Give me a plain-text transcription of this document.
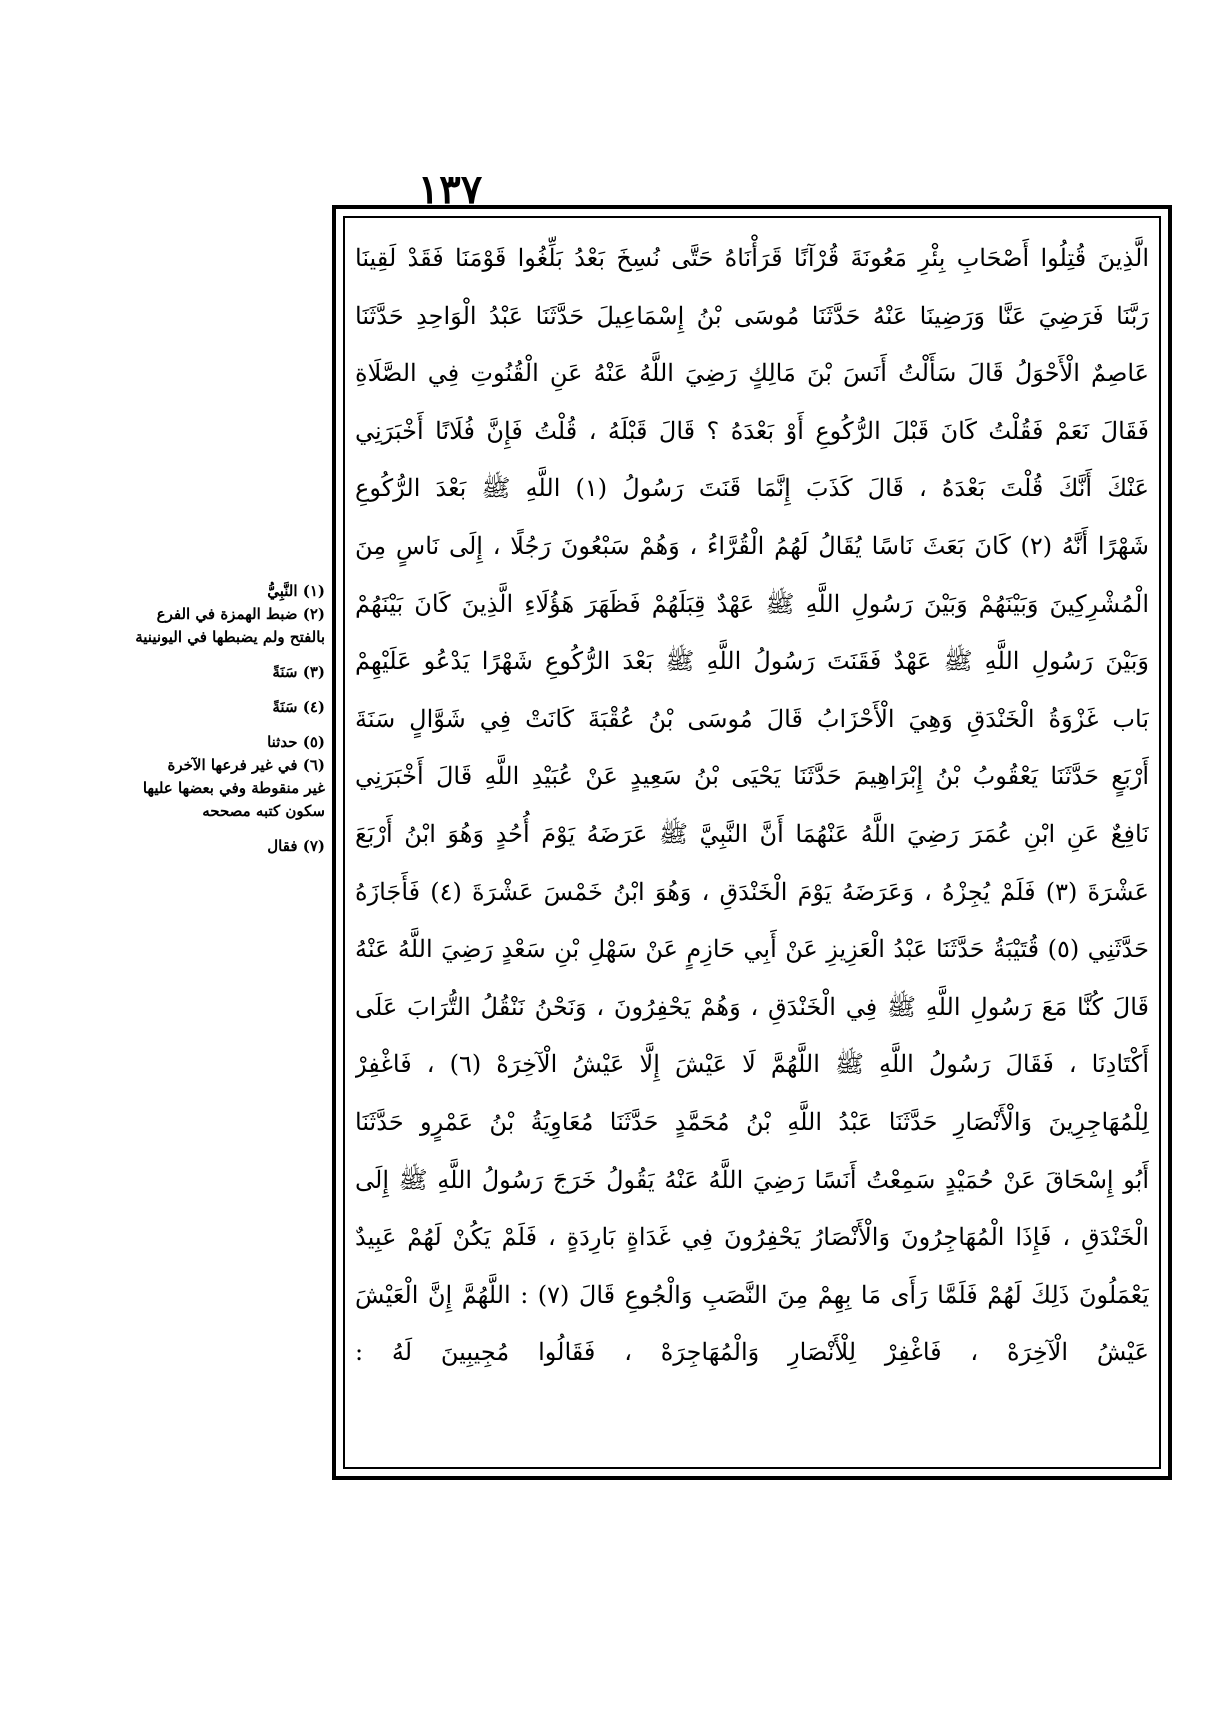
١٣٧
الَّذِينَ قُتِلُوا أَصْحَابِ بِئْرِ مَعُونَةَ قُرْآنًا قَرَأْنَاهُ حَتَّى نُسِخَ بَعْدُ بَلِّغُوا قَوْمَنَا فَقَدْ لَقِينَا
رَبَّنَا فَرَضِيَ عَنَّا وَرَضِينَا عَنْهُ حَدَّثَنَا مُوسَى بْنُ إِسْمَاعِيلَ حَدَّثَنَا عَبْدُ الْوَاحِدِ حَدَّثَنَا
عَاصِمٌ الْأَحْوَلُ قَالَ سَأَلْتُ أَنَسَ بْنَ مَالِكٍ رَضِيَ اللَّهُ عَنْهُ عَنِ الْقُنُوتِ فِي الصَّلَاةِ
فَقَالَ نَعَمْ فَقُلْتُ كَانَ قَبْلَ الرُّكُوعِ أَوْ بَعْدَهُ ؟ قَالَ قَبْلَهُ ، قُلْتُ فَإِنَّ فُلَانًا أَخْبَرَنِي
عَنْكَ أَنَّكَ قُلْتَ بَعْدَهُ ، قَالَ كَذَبَ إِنَّمَا قَنَتَ رَسُولُ (١) اللَّهِ ﷺ بَعْدَ الرُّكُوعِ
شَهْرًا أَنَّهُ (٢) كَانَ بَعَثَ نَاسًا يُقَالُ لَهُمُ الْقُرَّاءُ ، وَهُمْ سَبْعُونَ رَجُلًا ، إِلَى نَاسٍ مِنَ
الْمُشْرِكِينَ وَبَيْنَهُمْ وَبَيْنَ رَسُولِ اللَّهِ ﷺ عَهْدٌ قِبَلَهُمْ فَظَهَرَ هَؤُلَاءِ الَّذِينَ كَانَ بَيْنَهُمْ
وَبَيْنَ رَسُولِ اللَّهِ ﷺ عَهْدٌ فَقَنَتَ رَسُولُ اللَّهِ ﷺ بَعْدَ الرُّكُوعِ شَهْرًا يَدْعُو عَلَيْهِمْ
بَاب غَزْوَةُ الْخَنْدَقِ وَهِيَ الْأَحْزَابُ قَالَ مُوسَى بْنُ عُقْبَةَ كَانَتْ فِي شَوَّالٍ سَنَةَ
أَرْبَعٍ حَدَّثَنَا يَعْقُوبُ بْنُ إِبْرَاهِيمَ حَدَّثَنَا يَحْيَى بْنُ سَعِيدٍ عَنْ عُبَيْدِ اللَّهِ قَالَ أَخْبَرَنِي
نَافِعٌ عَنِ ابْنِ عُمَرَ رَضِيَ اللَّهُ عَنْهُمَا أَنَّ النَّبِيَّ ﷺ عَرَضَهُ يَوْمَ أُحُدٍ وَهُوَ ابْنُ أَرْبَعَ
عَشْرَةَ (٣) فَلَمْ يُجِزْهُ ، وَعَرَضَهُ يَوْمَ الْخَنْدَقِ ، وَهُوَ ابْنُ خَمْسَ عَشْرَةَ (٤) فَأَجَازَهُ
حَدَّثَنِي (٥) قُتَيْبَةُ حَدَّثَنَا عَبْدُ الْعَزِيزِ عَنْ أَبِي حَازِمٍ عَنْ سَهْلِ بْنِ سَعْدٍ رَضِيَ اللَّهُ عَنْهُ
قَالَ كُنَّا مَعَ رَسُولِ اللَّهِ ﷺ فِي الْخَنْدَقِ ، وَهُمْ يَحْفِرُونَ ، وَنَحْنُ نَنْقُلُ التُّرَابَ عَلَى
أَكْتَادِنَا ، فَقَالَ رَسُولُ اللَّهِ ﷺ اللَّهُمَّ لَا عَيْشَ إِلَّا عَيْشُ الْآخِرَهْ (٦) ، فَاغْفِرْ
لِلْمُهَاجِرِينَ وَالْأَنْصَارِ حَدَّثَنَا عَبْدُ اللَّهِ بْنُ مُحَمَّدٍ حَدَّثَنَا مُعَاوِيَةُ بْنُ عَمْرٍو حَدَّثَنَا
أَبُو إِسْحَاقَ عَنْ حُمَيْدٍ سَمِعْتُ أَنَسًا رَضِيَ اللَّهُ عَنْهُ يَقُولُ خَرَجَ رَسُولُ اللَّهِ ﷺ إِلَى
الْخَنْدَقِ ، فَإِذَا الْمُهَاجِرُونَ وَالْأَنْصَارُ يَحْفِرُونَ فِي غَدَاةٍ بَارِدَةٍ ، فَلَمْ يَكُنْ لَهُمْ عَبِيدٌ
يَعْمَلُونَ ذَلِكَ لَهُمْ فَلَمَّا رَأَى مَا بِهِمْ مِنَ النَّصَبِ وَالْجُوعِ قَالَ (٧) : اللَّهُمَّ إِنَّ الْعَيْشَ
عَيْشُ الْآخِرَهْ ، فَاغْفِرْ لِلْأَنْصَارِ وَالْمُهَاجِرَهْ ، فَقَالُوا مُجِيبِينَ لَهُ :
(١) النَّبِيُّ
(٢) ضبط الهمزة في الفرع
بالفتح ولم يضبطها في اليونينية
(٣) سَنَةً
(٤) سَنَةً
(٥) حدثنا
(٦) في غير فرعها الآخرة
غير منقوطة وفي بعضها عليها
سكون كتبه مصححه
(٧) فقال
